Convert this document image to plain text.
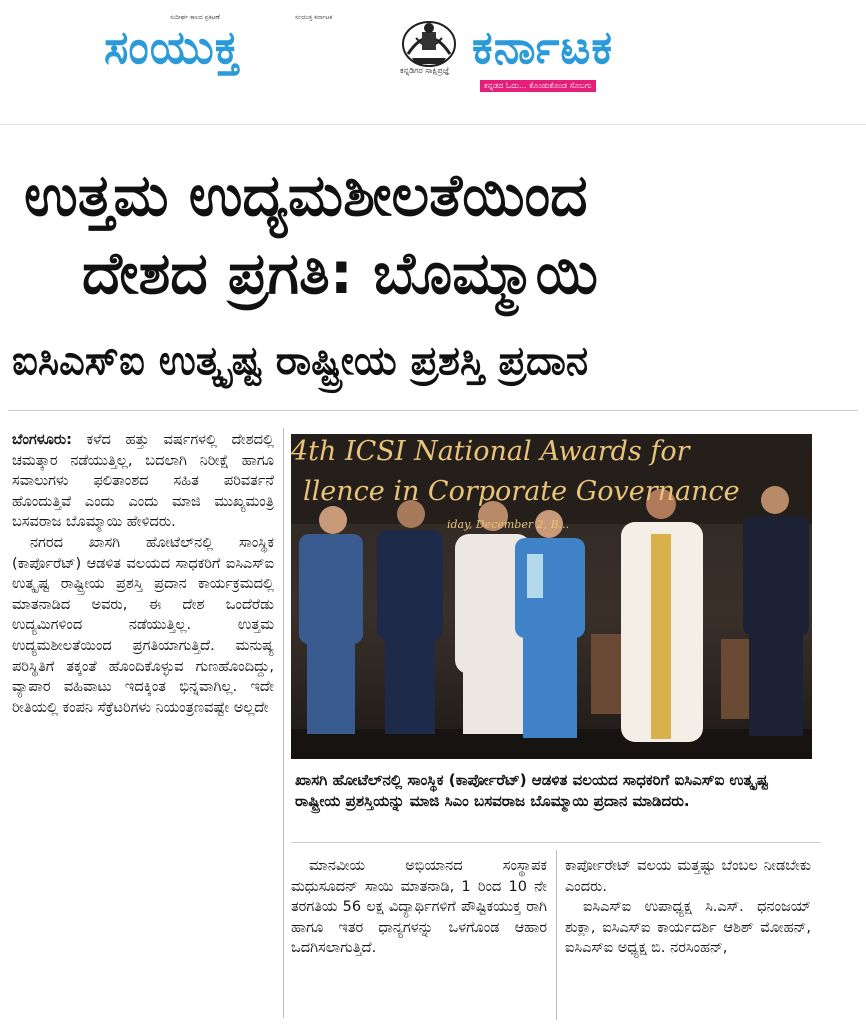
ಸುದೀರ್ಘ ಕಾಲದ ಪ್ರಕಟಣೆ	ಸಂಯುಕ್ತ ಕರ್ನಾಟಕ
ಸಂಯುಕ್ತ	ಕನ್ನಡಿಗರ ಸಾಕ್ಷಿಪ್ರಜ್ಞೆ ಕರ್ನಾಟಕ
ಕನ್ನಡದ ಓದು... ಕೊಂಡುಕೊಂಡ ಸೊಬಗು
ಉತ್ತಮ ಉದ್ಯಮಶೀಲತೆಯಿಂದ
ದೇಶದ ಪ್ರಗತಿ: ಬೊಮ್ಮಾಯಿ
ಐಸಿಎಸ್‌ಐ ಉತ್ಕೃಷ್ಟ ರಾಷ್ಟ್ರೀಯ ಪ್ರಶಸ್ತಿ ಪ್ರದಾನ

ಬೆಂಗಳೂರು: ಕಳೆದ ಹತ್ತು ವರ್ಷಗಳಲ್ಲಿ ದೇಶದಲ್ಲಿ ಚಮತ್ಕಾರ ನಡೆಯುತ್ತಿಲ್ಲ, ಬದಲಾಗಿ ನಿರೀಕ್ಷೆ ಹಾಗೂ ಸವಾಲುಗಳು ಫಲಿತಾಂಶದ ಸಹಿತ ಪರಿವರ್ತನೆ ಹೊಂದುತ್ತಿವೆ ಎಂದು ಎಂದು ಮಾಜಿ ಮುಖ್ಯಮಂತ್ರಿ ಬಸವರಾಜ ಬೊಮ್ಮಾಯಿ ಹೇಳಿದರು.

ನಗರದ ಖಾಸಗಿ ಹೋಟೆಲ್‌ನಲ್ಲಿ ಸಾಂಸ್ಥಿಕ (ಕಾರ್ಪೊರೆಟ್) ಆಡಳಿತ ವಲಯದ ಸಾಧಕರಿಗೆ ಐಸಿಎಸ್‌ಐ ಉತ್ಕೃಷ್ಟ ರಾಷ್ಟ್ರೀಯ ಪ್ರಶಸ್ತಿ ಪ್ರದಾನ ಕಾರ್ಯಕ್ರಮದಲ್ಲಿ ಮಾತನಾಡಿದ ಅವರು, ಈ ದೇಶ ಒಂದೆರೆಡು ಉದ್ಯಮಿಗಳಿಂದ ನಡೆಯುತ್ತಿಲ್ಲ. ಉತ್ತಮ ಉದ್ಯಮಶೀಲತೆಯಿಂದ ಪ್ರಗತಿಯಾಗುತ್ತಿದೆ. ಮನುಷ್ಯ ಪರಿಸ್ಥಿತಿಗೆ ತಕ್ಕಂತೆ ಹೊಂದಿಕೊಳ್ಳುವ ಗುಣಹೊಂದಿದ್ದು, ವ್ಯಾಪಾರ ವಹಿವಾಟು ಇದಕ್ಕಿಂತ ಭಿನ್ನವಾಗಿಲ್ಲ. ಇದೇ ರೀತಿಯಲ್ಲಿ ಕಂಪನಿ ಸೆಕ್ರೆಟರಿಗಳು ನಿಯಂತ್ರಣವಷ್ಟೇ ಅಲ್ಲದೇ

4th ICSI National Awards for
llence in Corporate Governance
iday, December 2, B...
ಖಾಸಗಿ ಹೋಟೆಲ್‌ನಲ್ಲಿ ಸಾಂಸ್ಥಿಕ (ಕಾರ್ಪೋರೆಟ್) ಆಡಳಿತ ವಲಯದ ಸಾಧಕರಿಗೆ ಐಸಿಎಸ್‌ಐ ಉತ್ಕೃಷ್ಟ ರಾಷ್ಟ್ರೀಯ ಪ್ರಶಸ್ತಿಯನ್ನು ಮಾಜಿ ಸಿಎಂ ಬಸವರಾಜ ಬೊಮ್ಮಾಯಿ ಪ್ರದಾನ ಮಾಡಿದರು.

ಮಾನವೀಯ ಅಭಿಯಾನದ ಸಂಸ್ಥಾಪಕ ಮಧುಸೂದನ್ ಸಾಯಿ ಮಾತನಾಡಿ, 1 ರಿಂದ 10 ನೇ ತರಗತಿಯ 56 ಲಕ್ಷ ವಿದ್ಯಾರ್ಥಿಗಳಿಗೆ ಪೌಷ್ಟಿಕಯುಕ್ತ ರಾಗಿ ಹಾಗೂ ಇತರ ಧಾನ್ಯಗಳನ್ನು ಒಳಗೊಂಡ ಆಹಾರ ಒದಗಿಸಲಾಗುತ್ತಿದೆ.

ಕಾರ್ಪೋರೇಟ್ ವಲಯ ಮತ್ತಷ್ಟು ಬೆಂಬಲ ನೀಡಬೇಕು ಎಂದರು.

ಐಸಿಎಸ್‌ಐ ಉಪಾಧ್ಯಕ್ಷ ಸಿ.ಎಸ್. ಧನಂಜಯ್ ಶುಕ್ಲಾ, ಐಸಿಎಸ್‌ಐ ಕಾರ್ಯದರ್ಶಿ ಆಶಿಶ್ ಮೋಹನ್, ಐಸಿಎಸ್‌ಐ ಅಧ್ಯಕ್ಷ ಬಿ. ನರಸಿಂಹನ್,
